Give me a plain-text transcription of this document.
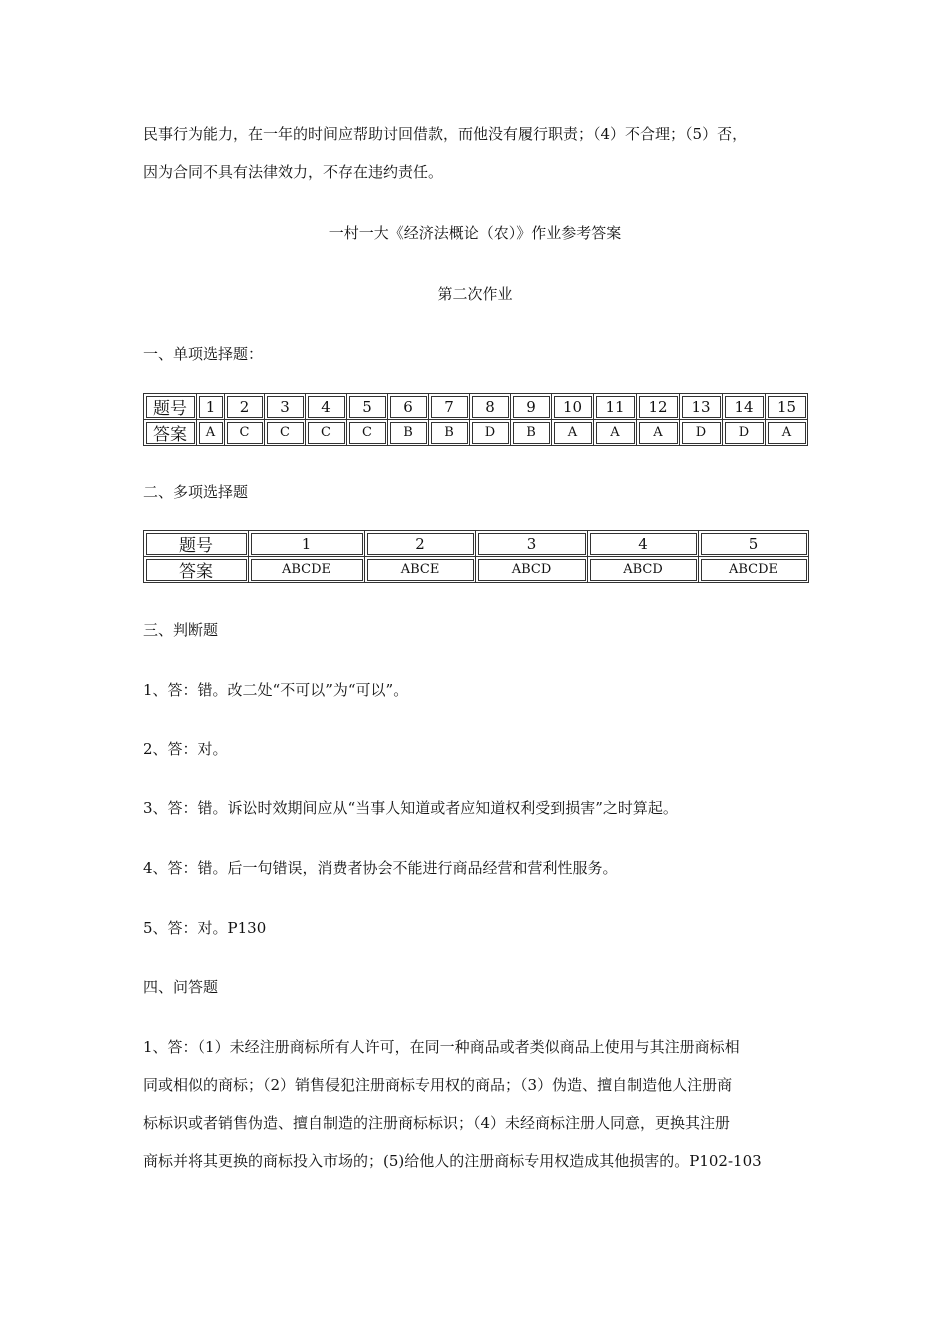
民事行为能力，在一年的时间应帮助讨回借款，而他没有履行职责；（4）不合理；（5）否，
因为合同不具有法律效力，不存在违约责任。
一村一大《经济法概论（农）》作业参考答案
第二次作业
一、单项选择题：
题号	1	2	3	4	5	6	7	8	9	10	11	12	13	14	15
答案	A	C	C	C	C	B	B	D	B	A	A	A	D	D	A
二、多项选择题
题号	1	2	3	4	5
答案	ABCDE	ABCE	ABCD	ABCD	ABCDE
三、判断题
1、答：错。改二处“不可以”为“可以”。
2、答：对。
3、答：错。诉讼时效期间应从“当事人知道或者应知道权利受到损害”之时算起。
4、答：错。后一句错误，消费者协会不能进行商品经营和营利性服务。
5、答：对。P130
四、问答题
1、答：（1）未经注册商标所有人许可，在同一种商品或者类似商品上使用与其注册商标相
同或相似的商标；（2）销售侵犯注册商标专用权的商品；（3）伪造、擅自制造他人注册商
标标识或者销售伪造、擅自制造的注册商标标识；（4）未经商标注册人同意，更换其注册
商标并将其更换的商标投入市场的；(5)给他人的注册商标专用权造成其他损害的。P102-103
